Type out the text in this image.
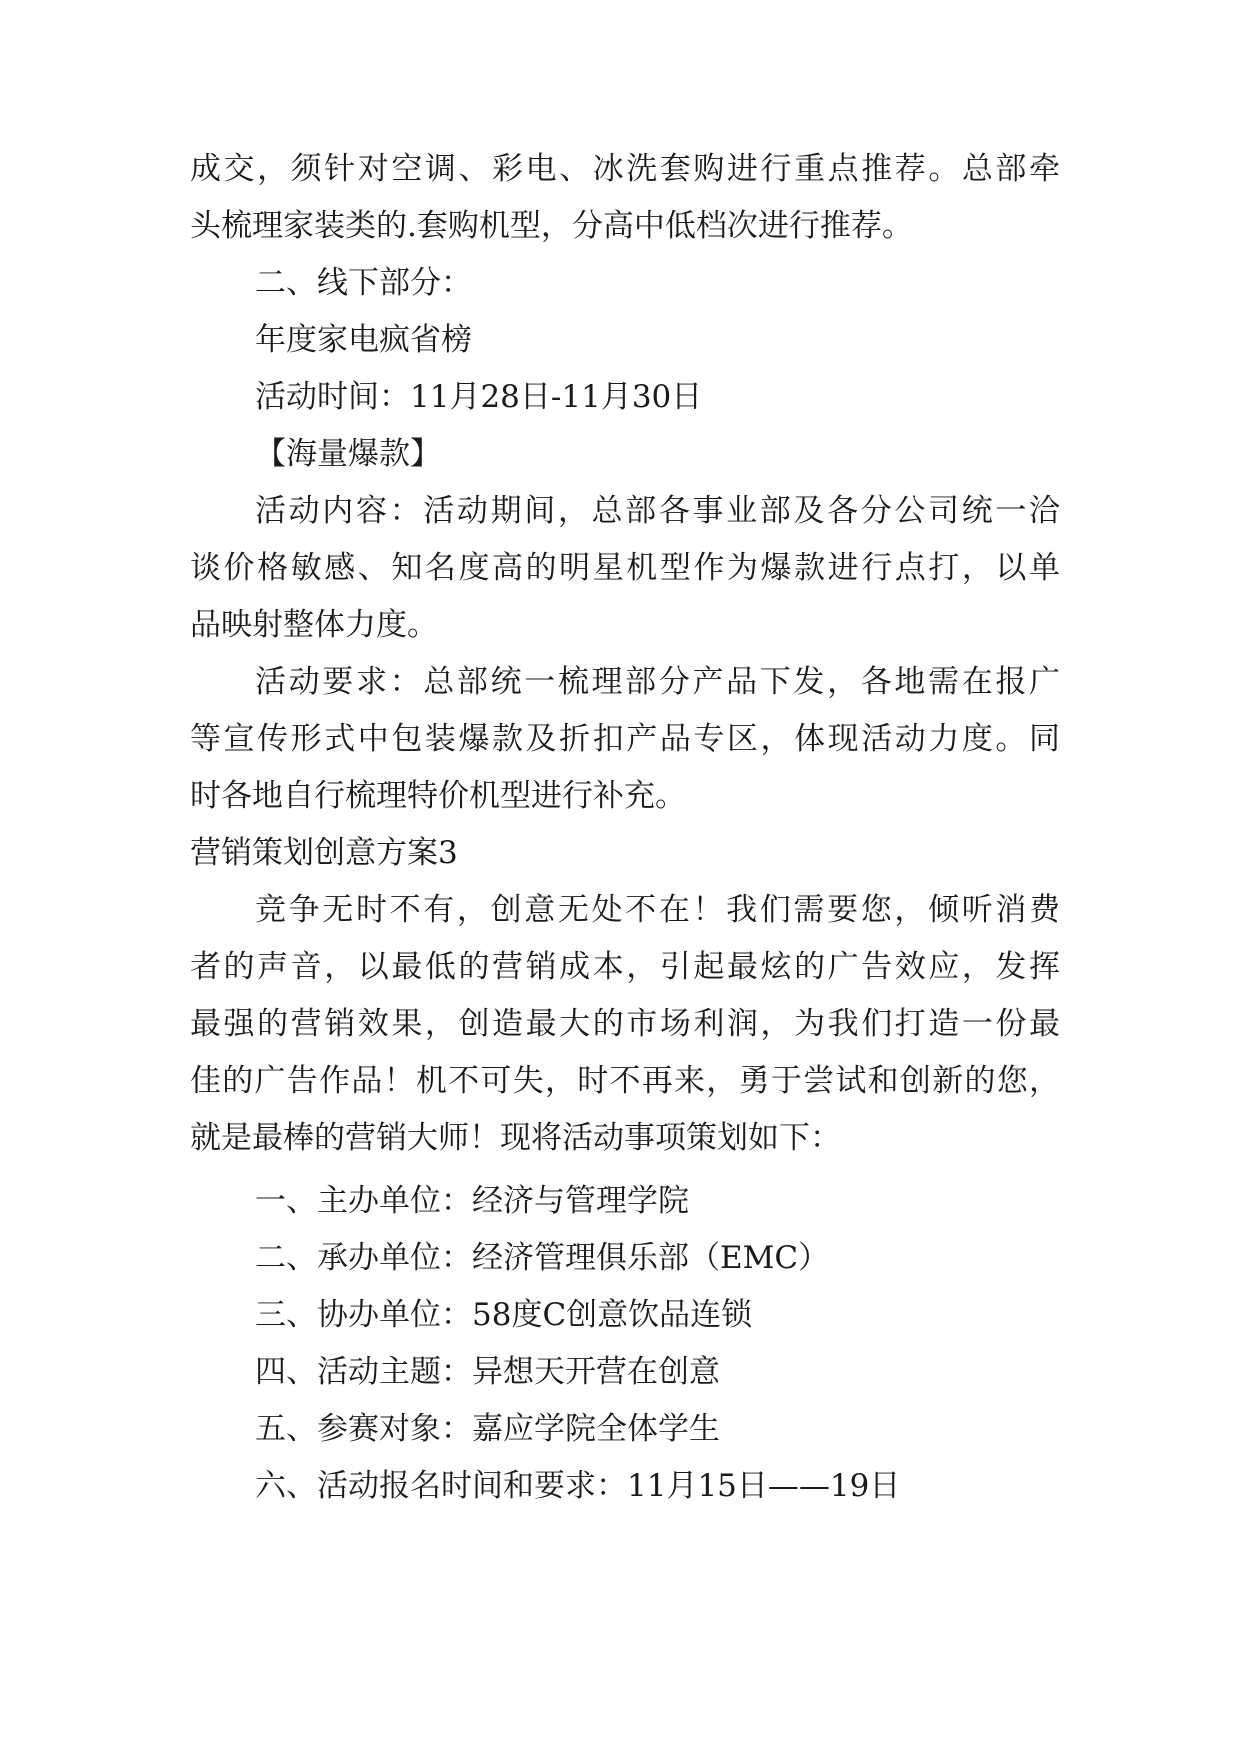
成交，须针对空调、彩电、冰洗套购进行重点推荐。总部牵
头梳理家装类的.套购机型，分高中低档次进行推荐。
二、线下部分：
年度家电疯省榜
活动时间：11月28日-11月30日
【海量爆款】
活动内容：活动期间，总部各事业部及各分公司统一洽
谈价格敏感、知名度高的明星机型作为爆款进行点打，以单
品映射整体力度。
活动要求：总部统一梳理部分产品下发，各地需在报广
等宣传形式中包装爆款及折扣产品专区，体现活动力度。同
时各地自行梳理特价机型进行补充。
营销策划创意方案3
竞争无时不有，创意无处不在！我们需要您，倾听消费
者的声音，以最低的营销成本，引起最炫的广告效应，发挥
最强的营销效果，创造最大的市场利润，为我们打造一份最
佳的广告作品！机不可失，时不再来，勇于尝试和创新的您，
就是最棒的营销大师！现将活动事项策划如下：
一、主办单位：经济与管理学院
二、承办单位：经济管理俱乐部（EMC）
三、协办单位：58度C创意饮品连锁
四、活动主题：异想天开营在创意
五、参赛对象：嘉应学院全体学生
六、活动报名时间和要求：11月15日——19日
